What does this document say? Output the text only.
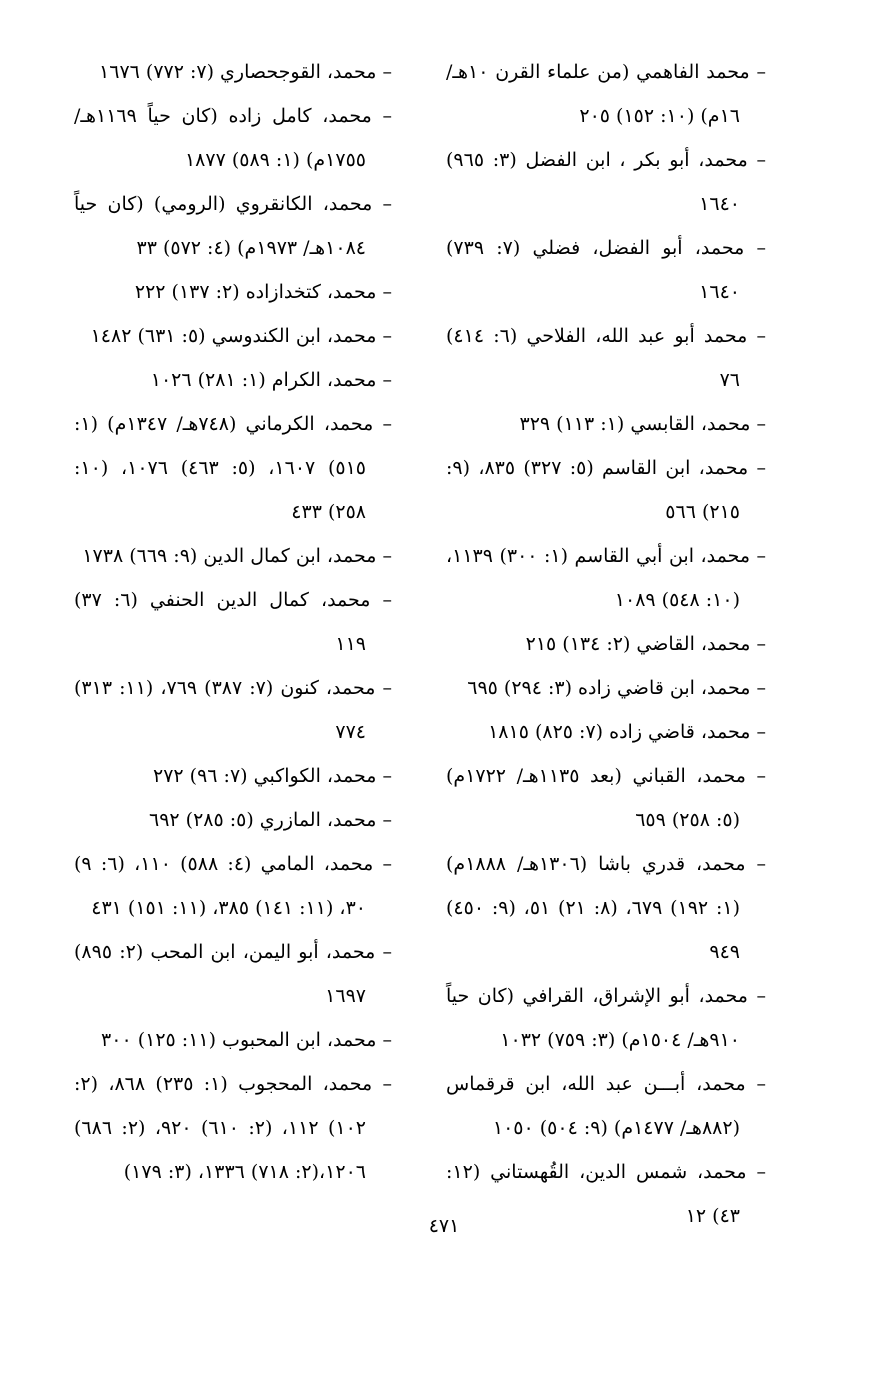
– محمد الفاهمي (من علماء القرن ١٠هـ/ ١٦م) (١٠: ١٥٢) ٢٠٥

– محمد، أبو بكر ، ابن الفضل (٣: ٩٦٥) ١٦٤٠

– محمد، أبو الفضل، فضلي (٧: ٧٣٩) ١٦٤٠

– محمد أبو عبد الله، الفلاحي (٦: ٤١٤) ٧٦

– محمد، القابسي (١: ١١٣) ٣٢٩

– محمد، ابن القاسم (٥: ٣٢٧) ٨٣٥، (٩: ٢١٥) ٥٦٦

– محمد، ابن أبي القاسم (١: ٣٠٠) ١١٣٩، (١٠: ٥٤٨) ١٠٨٩

– محمد، القاضي (٢: ١٣٤) ٢١٥

– محمد، ابن قاضي زاده (٣: ٢٩٤) ٦٩٥

– محمد، قاضي زاده (٧: ٨٢٥) ١٨١٥

– محمد، القباني (بعد ١١٣٥هـ/ ١٧٢٢م) (٥: ٢٥٨) ٦٥٩

– محمد، قدري باشا (١٣٠٦هـ/ ١٨٨٨م) (١: ١٩٢) ٦٧٩، (٨: ٢١) ٥١، (٩: ٤٥٠) ٩٤٩

– محمد، أبو الإشراق، القرافي (كان حياً ٩١٠هـ/ ١٥٠٤م) (٣: ٧٥٩) ١٠٣٢

– محمد، أبـــن عبد الله، ابن قرقماس (٨٨٢هـ/ ١٤٧٧م) (٩: ٥٠٤) ١٠٥٠

– محمد، شمس الدين، القُهستاني (١٢: ٤٣) ١٢

– محمد، القوجحصاري (٧: ٧٧٢) ١٦٧٦

– محمد، كامل زاده (كان حياً ١١٦٩هـ/ ١٧٥٥م) (١: ٥٨٩) ١٨٧٧

– محمد، الكانقروي (الرومي) (كان حياً ١٠٨٤هـ/ ١٩٧٣م) (٤: ٥٧٢) ٣٣

– محمد، كتخدازاده (٢: ١٣٧) ٢٢٢

– محمد، ابن الكندوسي (٥: ٦٣١) ١٤٨٢

– محمد، الكرام (١: ٢٨١) ١٠٢٦

– محمد، الكرماني (٧٤٨هـ/ ١٣٤٧م) (١: ٥١٥) ١٦٠٧، (٥: ٤٦٣) ١٠٧٦، (١٠: ٢٥٨) ٤٣٣

– محمد، ابن كمال الدين (٩: ٦٦٩) ١٧٣٨

– محمد، كمال الدين الحنفي (٦: ٣٧) ١١٩

– محمد، كنون (٧: ٣٨٧) ٧٦٩، (١١: ٣١٣) ٧٧٤

– محمد، الكواكبي (٧: ٩٦) ٢٧٢

– محمد، المازري (٥: ٢٨٥) ٦٩٢

– محمد، المامي (٤: ٥٨٨) ١١٠، (٦: ٩) ٣٠، (١١: ١٤١) ٣٨٥، (١١: ١٥١) ٤٣١

– محمد، أبو اليمن، ابن المحب (٢: ٨٩٥) ١٦٩٧

– محمد، ابن المحبوب (١١: ١٢٥) ٣٠٠

– محمد، المحجوب (١: ٢٣٥) ٨٦٨، (٢: ١٠٢) ١١٢، (٢: ٦١٠) ٩٢٠، (٢: ٦٨٦) ١٢٠٦،(٢: ٧١٨) ١٣٣٦، (٣: ١٧٩)

٤٧١
